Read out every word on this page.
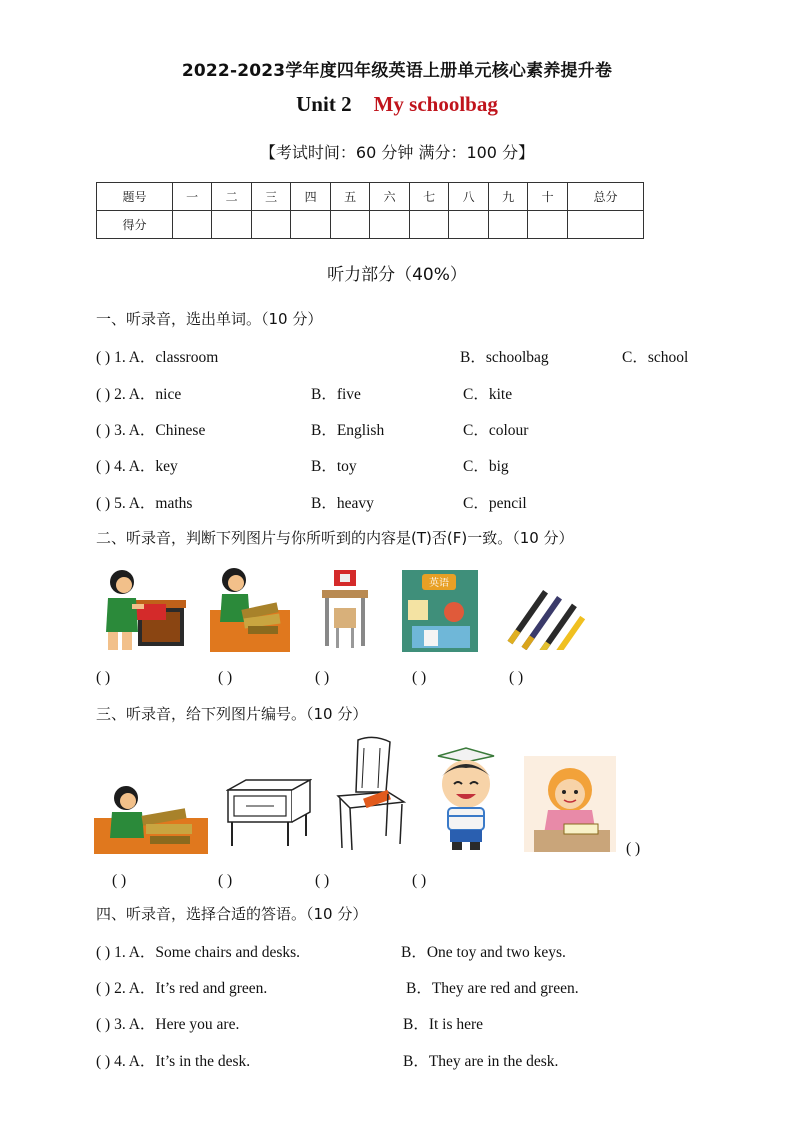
2022-2023学年度四年级英语上册单元核心素养提升卷
Unit 2 My schoolbag
【考试时间：60 分钟 满分：100 分】
题号	一	二	三	四	五	六	七	八	九	十	总分
得分											
听力部分（40%）
一、听录音，选出单词。（10 分）
( ) 1. A．classroom	B．schoolbag	C．school
( ) 2. A．nice	B．five	C．kite
( ) 3. A．Chinese	B．English	C．colour
( ) 4. A．key	B．toy	C．big
( ) 5. A．maths	B．heavy	C．pencil
二、听录音，判断下列图片与你所听到的内容是(T)否(F)一致。（10 分）
英语
( )	( )	( )	( )	( )
三、听录音，给下列图片编号。（10 分）
( )
( )	( )	( )	( )
四、听录音，选择合适的答语。（10 分）
( ) 1. A．Some chairs and desks.	B．One toy and two keys.
( ) 2. A．It’s red and green.	B．They are red and green.
( ) 3. A．Here you are.	B．It is here
( ) 4. A．It’s in the desk.	B．They are in the desk.
